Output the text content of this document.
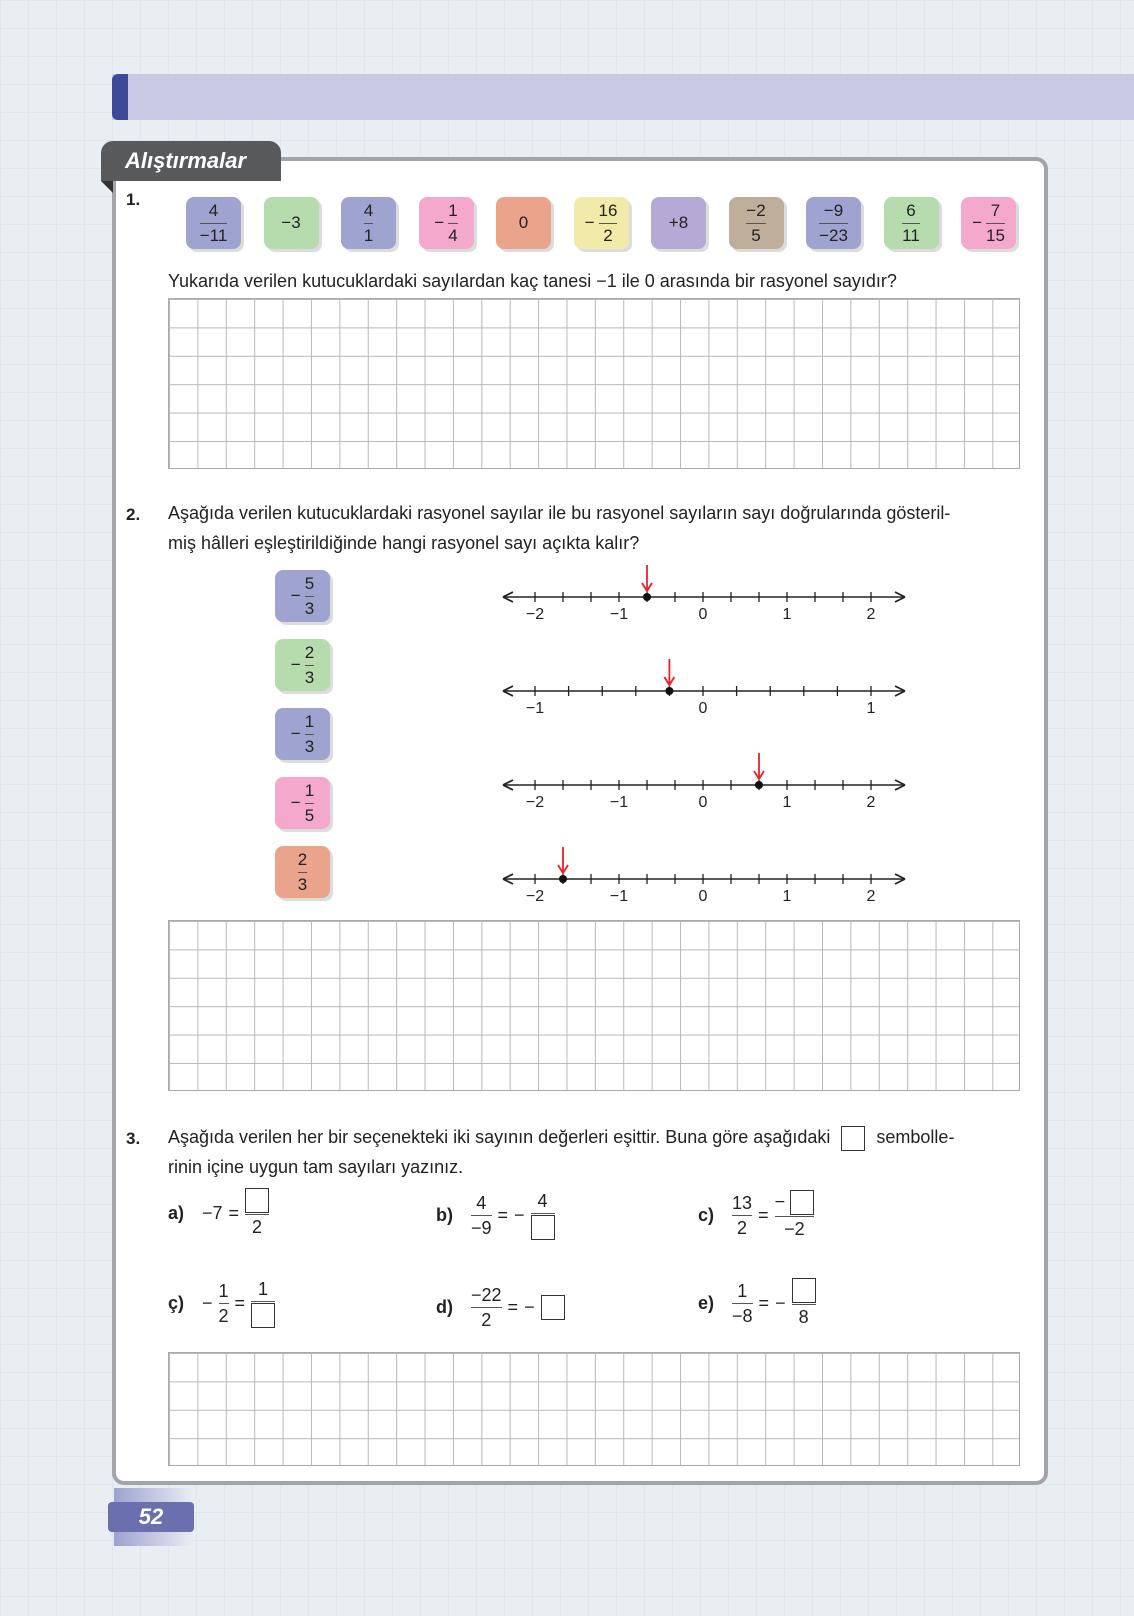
Alıştırmalar
1.
4
−11
−3
4
1
−
1
4
0	−
16
2
+8
−2
5
−9
−23
6
11
−
7
15
Yukarıda verilen kutucuklardaki sayılardan kaç tanesi −1 ile 0 arasında bir rasyonel sayıdır?
2. Aşağıda verilen kutucuklardaki rasyonel sayılar ile bu rasyonel sayıların sayı doğrularında gösteril-
miş hâlleri eşleştirildiğinde hangi rasyonel sayı açıkta kalır?
−
5
3
−
2
3
−
1
3
−
1
5
2
3
−2	−1	0	1	2
−1	0	1
−2	−1	0	1	2
−2	−1	0	1	2
3. Aşağıda verilen her bir seçenekteki iki sayının değerleri eşittir. Buna göre aşağıdaki	sembolle-
rinin içine uygun tam sayıları yazınız.
a) −7 =
2
b)
4
−9
= −
4
c)
13
2
=
−
−2
ç) −
1
2
=
1
d)
−22
2
= −	e)
1
−8
= −
8
52
